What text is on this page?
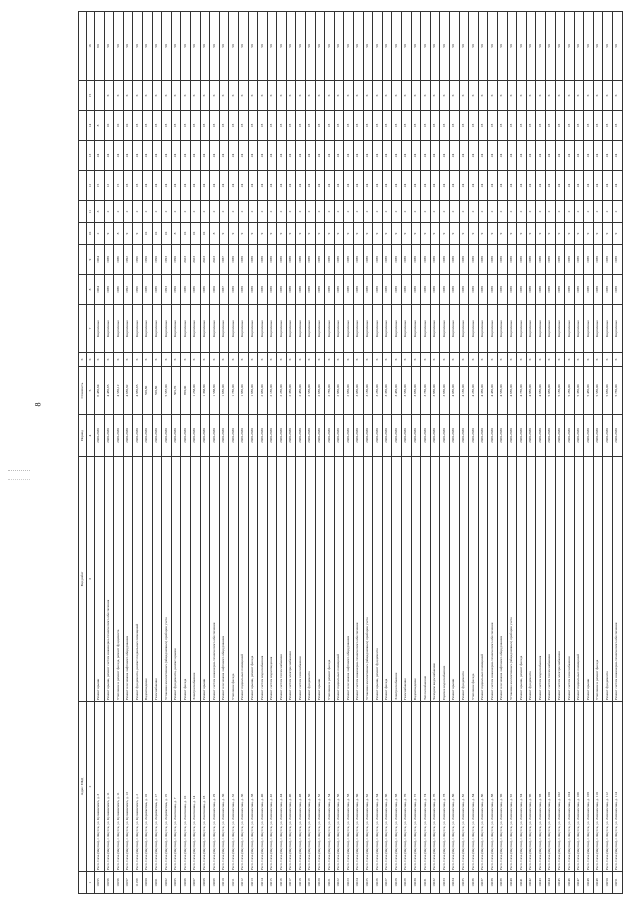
8
	Адрес МКД	Вид работ	Период	Стоимость	6										
1	2	3	4	5	6	7	8	9	10	11	12	13	14	15	16
10195	Респ. Саха (Якутия), г. Якутск, ул. Кулаковского, д. 3	Ремонт крыши	2020-2030	6 485,64	6	Кирпичные	1964	1964	2	3	15	24	8		60
10196	Респ. Саха (Якутия), г. Якутск, ул. Кулаковского, д. 11	Ремонт крыши, ремонт систем инженерно-технического обеспечения	2020-2030	4 485,65	6	Кирпичные	1988	1988	9	2	12	24	10	6	50
10196	Респ. Саха (Якутия), г. Якутск, ул. Кулаковского, д. 11	Утепление и ремонт фасада, ремонт фундамента	2020-2030	4 585,12	6	Кирпичные	1986	1986	8	2	15	24	10	6	50
10197	Респ. Саха (Якутия), г. Якутск, ул. Кулаковского, д. 13	Ремонт или замена лифтового оборудования	2020-2030	4 685,82	6	Кирпичные	1992	1992	9	2	18	24	10	6	50
11199	Респ. Саха (Якутия), г. Якутск, ул. Кулаковского, д. 2	Ремонт фундамента, ремонт подвальных помещений	2020-2030	4 885,65	6	Кирпичные	1996	1996	9	2	18	24	18	6	50
10200	Респ. Саха (Якутия), г. Якутск, ул. Лермонтова, д. 10	Водоотведение	2020-2030	558,80	6	Кирпичные	1989	1990	10	2	24	24	18	6	50
10201	Респ. Саха (Якутия), г. Якутск, ул. Лермонтова, д. 17	Газоснабжение	2020-2030	558,80	6	Кирпичные	1989	1990	10	2	24	24	18	6	50
10202	Респ. Саха (Якутия), г. Якутск, ул. Лермонтова, д. 19	Установка коллективных (общедомовых) приборов учета	2020-2030	5 587,00	6	Кирпичные	1993	1993	10	2	24	24	18	6	50
10205	Респ. Саха (Якутия), г. Якутск, ул. Лонгинова, д. 7	Ремонт фундамента, ремонт крыши	2020-2030	565,70	6	Кирпичные	1990	1990	8	2	24	24	18	6	50
10206	Респ. Саха (Якутия), г. Якутск, ул. Лонгинова, д. 10	Ремонт фасада	2020-2030	958,00	6	Кирпичные	1989	2023	10	2	24	24	18	6	50
10207	Респ. Саха (Якутия), г. Якутск, ул. Лонгинова, д. 14	Электроснабжение	2020-2030	1 258,00	6	Кирпичные	1989	2023	10	2	24	24	18	6	50
10208	Респ. Саха (Якутия), г. Якутск, ул. Лонгинова, д. 18	Ремонт крыши	2020-2030	1 368,80	6	Кирпичные	1989	2023	10	2	24	24	18	6	50
10209	Респ. Саха (Якутия), г. Якутск, ул. Ломоносова, д. 29	Ремонт систем инженерно-технического обеспечения	2020-2030	1 588,80	6	Кирпичные	1960	2023	8	2	24	24	18	6	50
10210	Респ. Саха (Якутия), г. Якутск, ул. Ломоносова, д. 30	Ремонт или замена лифтового оборудования	2020-2030	1 685,00	6	Кирпичные	1987	1987	9	2	24	24	18	6	50
10211	Респ. Саха (Якутия), г. Якутск, ул. Ломоносова, д. 32	Утепление фасада	2020-2030	1 785,00	6	Кирпичные	1988	1988	9	2	24	24	18	6	50
10212	Респ. Саха (Якутия), г. Якутск, ул. Ломоносова, д. 36	Ремонт подвальных помещений	2020-2030	1 885,00	6	Кирпичные	1988	1988	9	2	24	24	18	6	50
10213	Респ. Саха (Якутия), г. Якутск, ул. Ломоносова, д. 38	Ремонт крыши, ремонт фасада	2020-2030	1 985,00	6	Кирпичные	1988	1988	9	2	24	24	18	6	50
10214	Респ. Саха (Якутия), г. Якутск, ул. Ломоносова, д. 40	Ремонт систем водоснабжения	2020-2030	2 085,00	6	Кирпичные	1988	1988	9	2	24	24	18	6	50
10215	Респ. Саха (Якутия), г. Якутск, ул. Ломоносова, д. 42	Ремонт систем водоотведения	2020-2030	2 185,00	6	Кирпичные	1988	1988	9	2	24	24	18	6	50
10216	Респ. Саха (Якутия), г. Якутск, ул. Ломоносова, д. 44	Ремонт систем теплоснабжения	2020-2030	2 285,00	6	Кирпичные	1988	1988	9	2	24	24	18	6	50
10217	Респ. Саха (Якутия), г. Якутск, ул. Ломоносова, д. 46	Ремонт систем электроснабжения	2020-2030	2 385,00	6	Кирпичные	1988	1988	9	2	24	24	18	6	50
10218	Респ. Саха (Якутия), г. Якутск, ул. Ломоносова, д. 48	Ремонт систем газоснабжения	2020-2030	2 485,00	6	Кирпичные	1988	1988	9	2	24	24	18	6	50
10219	Респ. Саха (Якутия), г. Якутск, ул. Ломоносова, д. 50	Ремонт фундамента	2020-2030	2 585,00	6	Кирпичные	1988	1988	9	2	24	24	18	6	50
10220	Респ. Саха (Якутия), г. Якутск, ул. Ломоносова, д. 52	Ремонт крыши	2020-2030	2 685,00	6	Кирпичные	1988	1988	9	2	24	24	18	6	50
10221	Респ. Саха (Якутия), г. Якутск, ул. Ломоносова, д. 54	Утепление и ремонт фасада	2020-2030	2 785,00	6	Кирпичные	1988	1988	9	2	24	24	18	6	50
10222	Респ. Саха (Якутия), г. Якутск, ул. Ломоносова, д. 56	Ремонт подвальных помещений	2020-2030	2 885,00	6	Кирпичные	1988	1988	9	2	24	24	18	6	50
10223	Респ. Саха (Якутия), г. Якутск, ул. Ломоносова, д. 58	Ремонт или замена лифтового оборудования	2020-2030	2 985,00	6	Кирпичные	1988	1988	9	2	24	24	18	6	50
10224	Респ. Саха (Якутия), г. Якутск, ул. Ломоносова, д. 60	Ремонт систем инженерно-технического обеспечения	2020-2030	3 085,00	6	Кирпичные	1988	1988	9	2	24	24	18	6	50
10225	Респ. Саха (Якутия), г. Якутск, ул. Ломоносова, д. 62	Установка коллективных (общедомовых) приборов учета	2020-2030	3 185,00	6	Кирпичные	1988	1988	9	2	24	24	18	6	50
10226	Респ. Саха (Якутия), г. Якутск, ул. Ломоносова, д. 64	Ремонт крыши, ремонт фундамента	2020-2030	3 285,00	6	Кирпичные	1988	1988	9	2	24	24	18	6	50
10227	Респ. Саха (Якутия), г. Якутск, ул. Ломоносова, д. 66	Ремонт фасада	2020-2030	3 385,00	6	Кирпичные	1988	1988	9	2	24	24	18	6	50
10228	Респ. Саха (Якутия), г. Якутск, ул. Ломоносова, д. 68	Электроснабжение	2020-2030	3 485,00	6	Кирпичные	1988	1988	9	2	24	24	18	6	50
10229	Респ. Саха (Якутия), г. Якутск, ул. Ломоносова, д. 70	Газоснабжение	2020-2030	3 585,00	6	Кирпичные	1988	1988	9	2	24	24	18	6	50
10230	Респ. Саха (Якутия), г. Якутск, ул. Ломоносова, д. 72	Водоотведение	2020-2030	3 685,00	6	Кирпичные	1988	1988	9	2	24	24	18	6	50
10231	Респ. Саха (Якутия), г. Якутск, ул. Ломоносова, д. 74	Теплоснабжение	2020-2030	3 785,00	6	Кирпичные	1988	1988	9	2	24	24	18	6	50
10232	Респ. Саха (Якутия), г. Якутск, ул. Ломоносова, д. 76	Холодное водоснабжение	2020-2030	3 885,00	6	Кирпичные	1988	1988	9	2	24	24	18	6	50
10233	Респ. Саха (Якутия), г. Якутск, ул. Ломоносова, д. 78	Горячее водоснабжение	2020-2030	3 985,00	6	Кирпичные	1988	1988	9	2	24	24	18	6	50
10234	Респ. Саха (Якутия), г. Якутск, ул. Ломоносова, д. 80	Ремонт крыши	2020-2030	4 085,00	6	Кирпичные	1988	1988	9	2	24	24	18	6	50
10235	Респ. Саха (Якутия), г. Якутск, ул. Ломоносова, д. 82	Ремонт фундамента	2020-2030	4 185,00	6	Кирпичные	1988	1988	9	2	24	24	18	6	50
10236	Респ. Саха (Якутия), г. Якутск, ул. Ломоносова, д. 84	Утепление фасада	2020-2030	4 285,00	6	Кирпичные	1988	1988	9	2	24	24	18	6	50
10237	Респ. Саха (Якутия), г. Якутск, ул. Ломоносова, д. 86	Ремонт подвальных помещений	2020-2030	4 385,00	6	Кирпичные	1988	1988	9	2	24	24	18	6	50
10238	Респ. Саха (Якутия), г. Якутск, ул. Ломоносова, д. 88	Ремонт систем инженерно-технического обеспечения	2020-2030	4 485,00	6	Кирпичные	1988	1988	9	2	24	24	18	6	50
10239	Респ. Саха (Якутия), г. Якутск, ул. Ломоносова, д. 90	Ремонт или замена лифтового оборудования	2020-2030	4 585,00	6	Кирпичные	1988	1988	9	2	24	24	18	6	50
10240	Респ. Саха (Якутия), г. Якутск, ул. Ломоносова, д. 92	Установка коллективных (общедомовых) приборов учета	2020-2030	4 685,00	6	Кирпичные	1988	1988	9	2	24	24	18	6	50
10241	Респ. Саха (Якутия), г. Якутск, ул. Ломоносова, д. 94	Ремонт крыши, ремонт фасада	2020-2030	4 785,00	6	Кирпичные	1988	1988	9	2	24	24	18	6	50
10242	Респ. Саха (Якутия), г. Якутск, ул. Ломоносова, д. 96	Ремонт фундамента	2020-2030	4 885,00	6	Кирпичные	1988	1988	9	2	24	24	18	6	50
10243	Респ. Саха (Якутия), г. Якутск, ул. Ломоносова, д. 98	Ремонт систем водоснабжения	2020-2030	4 985,00	6	Кирпичные	1988	1988	9	2	24	24	18	6	50
10244	Респ. Саха (Якутия), г. Якутск, ул. Ломоносова, д. 100	Ремонт систем теплоснабжения	2020-2030	5 085,00	6	Кирпичные	1988	1988	9	2	24	24	18	6	50
10245	Респ. Саха (Якутия), г. Якутск, ул. Ломоносова, д. 102	Ремонт систем электроснабжения	2020-2030	5 185,00	6	Кирпичные	1988	1988	9	2	24	24	18	6	50
10246	Респ. Саха (Якутия), г. Якутск, ул. Ломоносова, д. 104	Ремонт систем газоснабжения	2020-2030	5 285,00	6	Кирпичные	1988	1988	9	2	24	24	18	6	50
10247	Респ. Саха (Якутия), г. Якутск, ул. Ломоносова, д. 106	Ремонт подвальных помещений	2020-2030	5 385,00	6	Кирпичные	1988	1988	9	2	24	24	18	6	50
10248	Респ. Саха (Якутия), г. Якутск, ул. Ломоносова, д. 108	Ремонт крыши	2020-2030	5 485,00	6	Кирпичные	1988	1988	9	2	24	24	18	6	50
10249	Респ. Саха (Якутия), г. Якутск, ул. Ломоносова, д. 110	Утепление и ремонт фасада	2020-2030	5 585,00	6	Кирпичные	1988	1988	9	2	24	24	18	6	50
10250	Респ. Саха (Якутия), г. Якутск, ул. Ломоносова, д. 112	Ремонт фундамента	2020-2030	5 685,00	6	Кирпичные	1988	1988	9	2	24	24	18	6	50
10251	Респ. Саха (Якутия), г. Якутск, ул. Ломоносова, д. 114	Ремонт систем инженерно-технического обеспечения	2020-2030	5 785,00	6	Кирпичные	1988	1988	9	2	24	24	18	6	50
